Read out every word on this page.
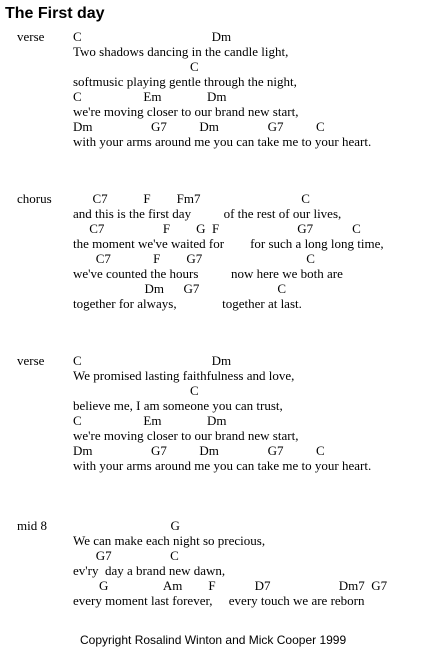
The First day
verse C                                        Dm
Two shadows dancing in the candle light,
C
softmusic playing gentle through the night,
C                   Em              Dm
we're moving closer to our brand new start,
Dm                  G7          Dm               G7          C
with your arms around me you can take me to your heart.
chorus C7           F        Fm7                               C
and this is the first day          of the rest of our lives,
C7                  F        G  F                        G7            C
the moment we've waited for        for such a long long time,
C7             F        G7                                C
we've counted the hours          now here we both are
Dm      G7                        C
together for always,              together at last.
verse C                                        Dm
We promised lasting faithfulness and love,
C
believe me, I am someone you can trust,
C                   Em              Dm
we're moving closer to our brand new start,
Dm                  G7          Dm               G7          C
with your arms around me you can take me to your heart.
mid 8 G
We can make each night so precious,
G7                  C
ev'ry  day a brand new dawn,
G                 Am        F            D7                     Dm7  G7
every moment last forever,     every touch we are reborn
Copyright Rosalind Winton and Mick Cooper 1999
